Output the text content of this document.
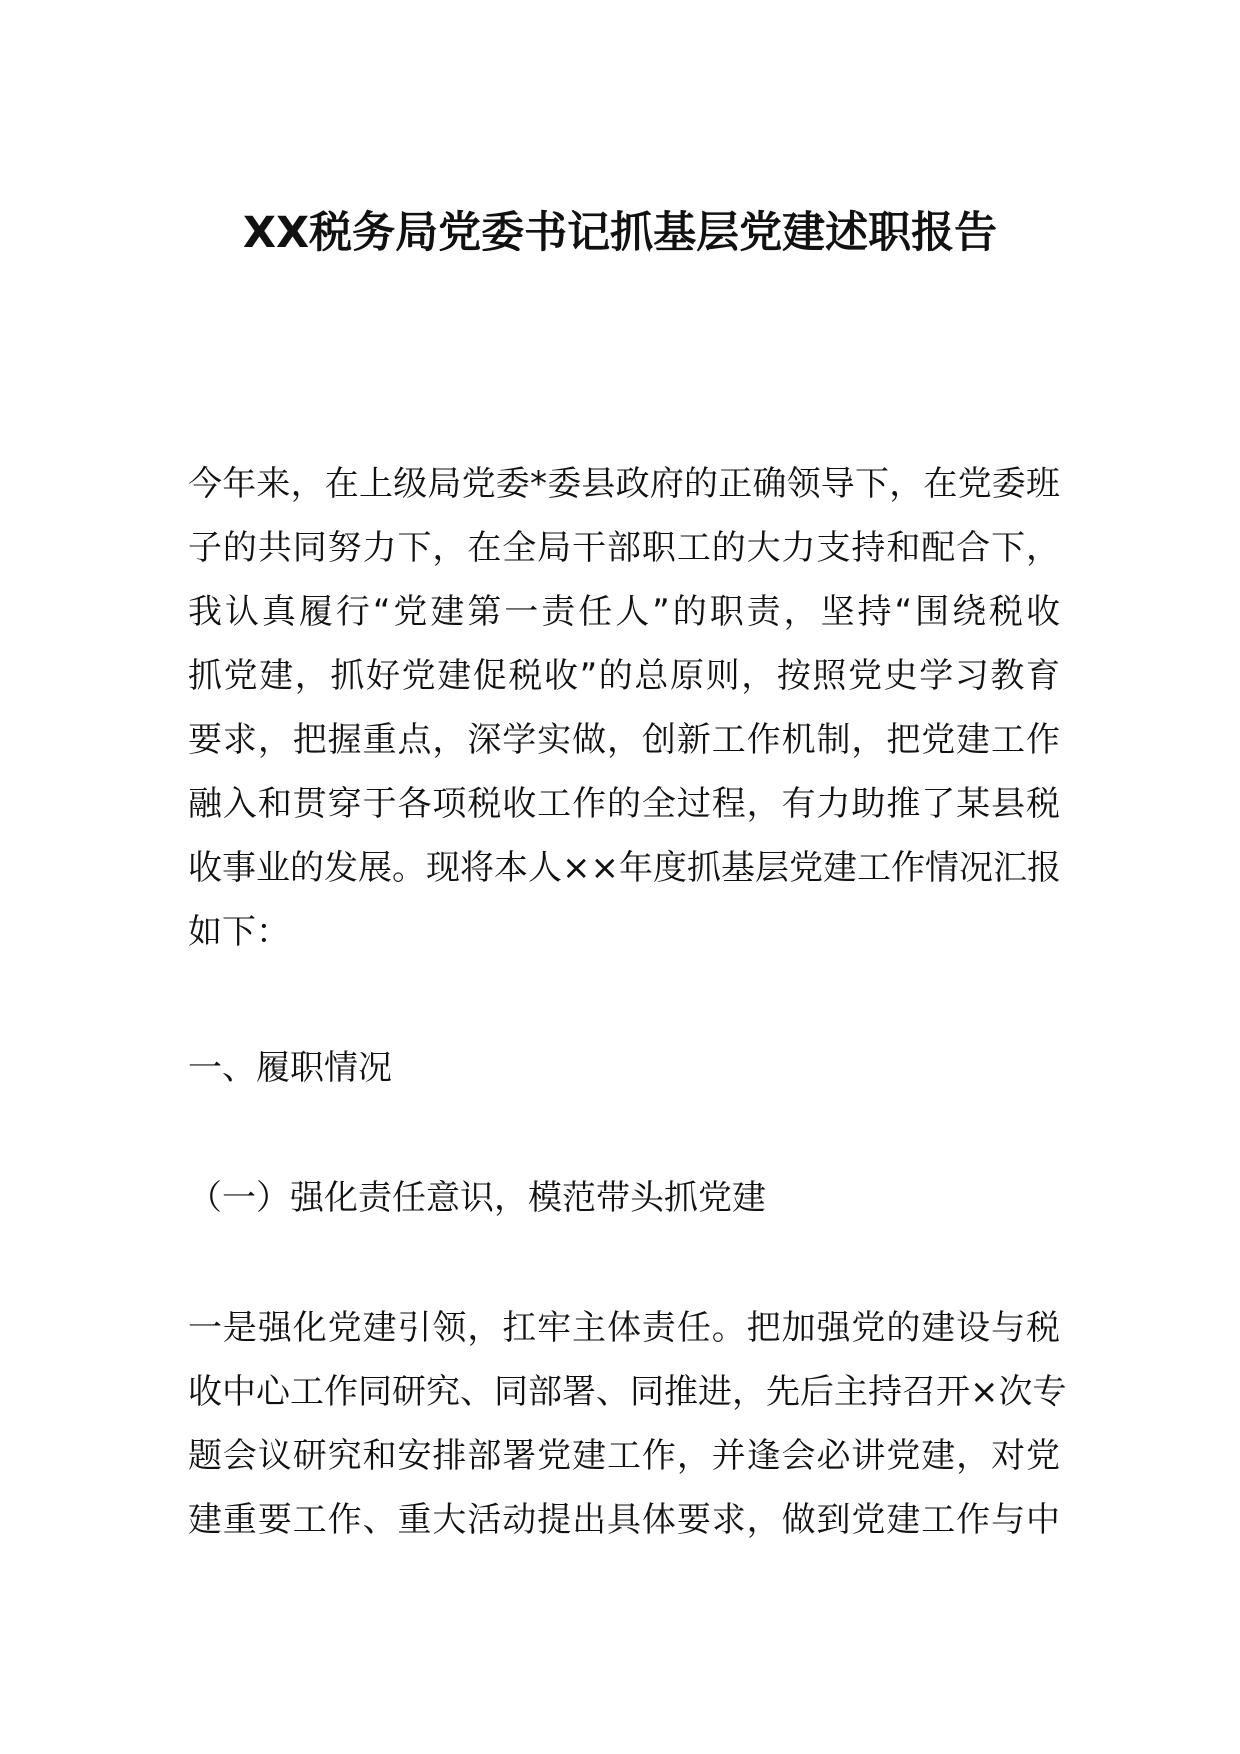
XX税务局党委书记抓基层党建述职报告
今年来，在上级局党委*委县政府的正确领导下，在党委班
子的共同努力下，在全局干部职工的大力支持和配合下，
我认真履行“党建第一责任人”的职责，坚持“围绕税收
抓党建，抓好党建促税收”的总原则，按照党史学习教育
要求，把握重点，深学实做，创新工作机制，把党建工作
融入和贯穿于各项税收工作的全过程，有力助推了某县税
收事业的发展。现将本人××年度抓基层党建工作情况汇报
如下：
一、履职情况
（一）强化责任意识，模范带头抓党建
一是强化党建引领，扛牢主体责任。把加强党的建设与税
收中心工作同研究、同部署、同推进，先后主持召开×次专
题会议研究和安排部署党建工作，并逢会必讲党建，对党
建重要工作、重大活动提出具体要求，做到党建工作与中
